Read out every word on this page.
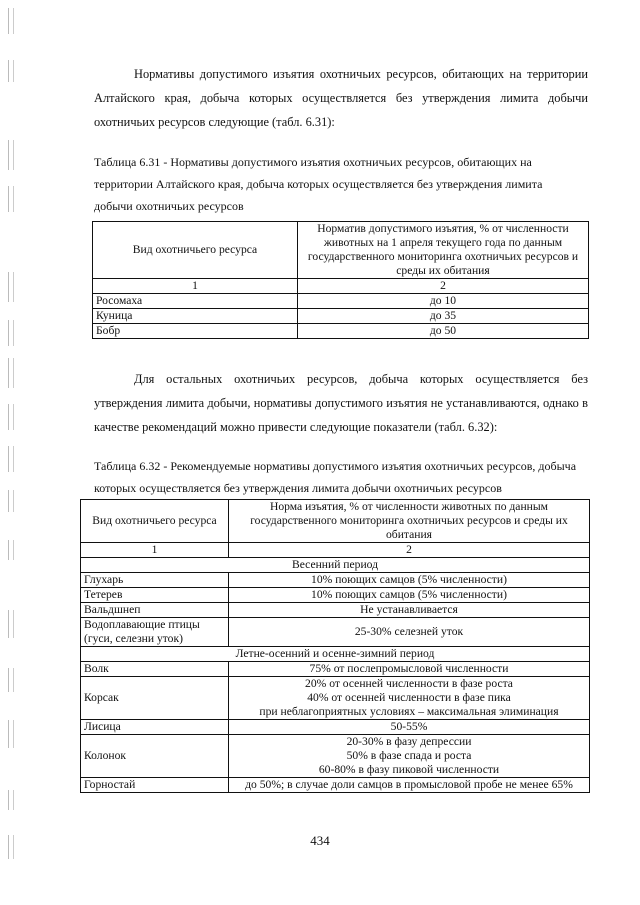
Нормативы допустимого изъятия охотничьих ресурсов, обитающих на территории Алтайского края, добыча которых осуществляется без утверждения лимита добычи охотничьих ресурсов следующие (табл. 6.31):

Таблица 6.31 - Нормативы допустимого изъятия охотничьих ресурсов, обитающих на территории Алтайского края, добыча которых осуществляется без утверждения лимита добычи охотничьих ресурсов

Вид охотничьего ресурса	Норматив допустимого изъятия, % от численности животных на 1 апреля текущего года по данным государственного мониторинга охотничьих ресурсов и среды их обитания
1	2
Росомаха	до 10
Куница	до 35
Бобр	до 50

Для остальных охотничьих ресурсов, добыча которых осуществляется без утверждения лимита добычи, нормативы допустимого изъятия не устанавливаются, однако в качестве рекомендаций можно привести следующие показатели (табл. 6.32):

Таблица 6.32 - Рекомендуемые нормативы допустимого изъятия охотничьих ресурсов, добыча которых осуществляется без утверждения лимита добычи охотничьих ресурсов

Вид охотничьего ресурса	Норма изъятия, % от численности животных по данным государственного мониторинга охотничьих ресурсов и среды их обитания
1	2
Весенний период	
Глухарь	10% поющих самцов (5% численности)
Тетерев	10% поющих самцов (5% численности)
Вальдшнеп	Не устанавливается
Водоплавающие птицы (гуси, селезни уток)	25-30% селезней уток
Летне-осенний и осенне-зимний период	
Волк	75% от послепромысловой численности
Корсак	20% от осенней численности в фазе роста
40% от осенней численности в фазе пика
при неблагоприятных условиях – максимальная элиминация

Лисица	50-55%
Колонок	20-30% в фазу депрессии
50% в фазе спада и роста
60-80% в фазу пиковой численности

Горностай	до 50%; в случае доли самцов в промысловой пробе не менее 65%
434
